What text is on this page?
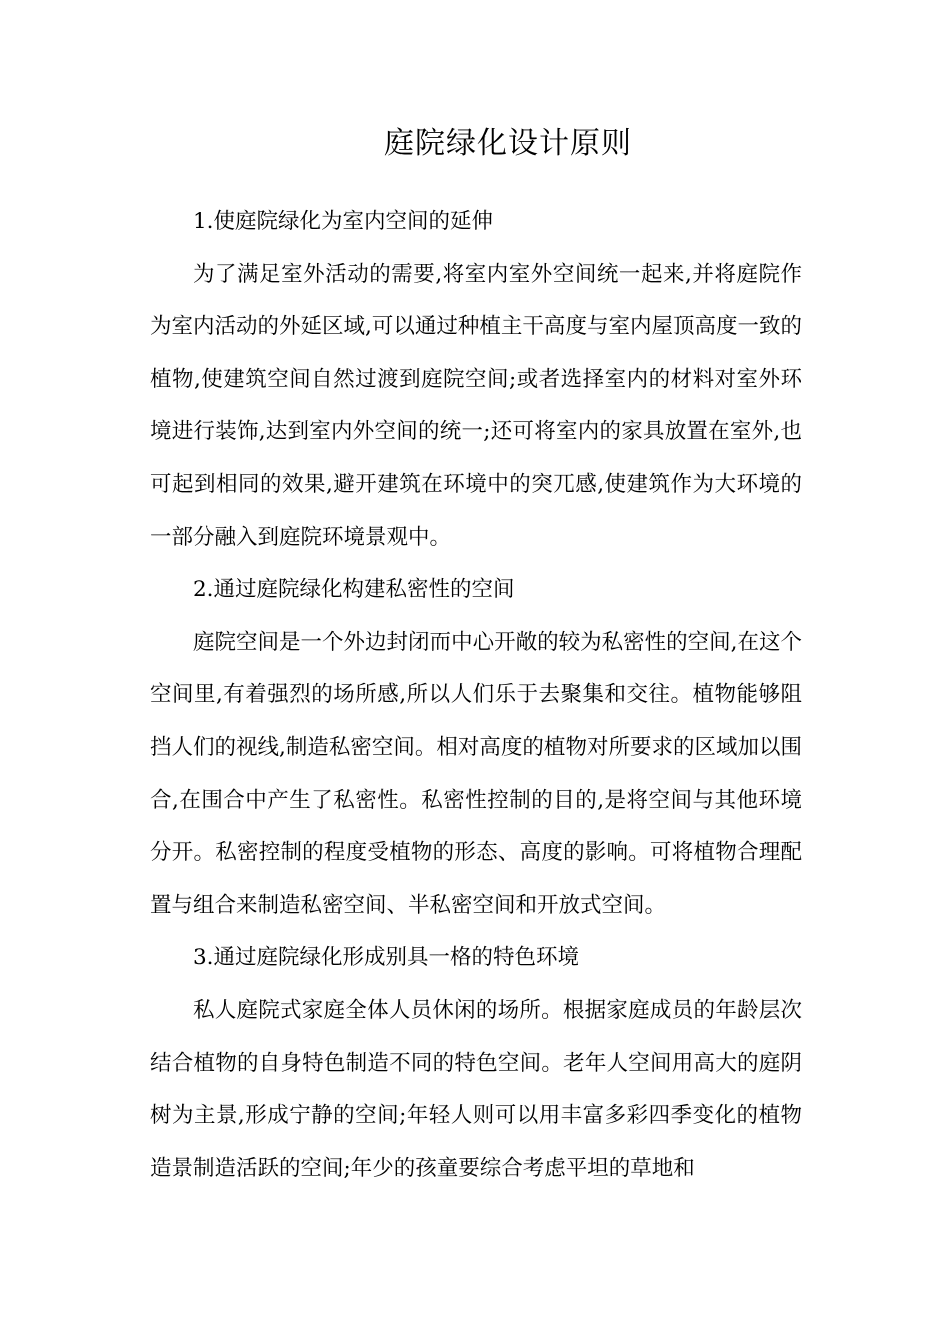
庭院绿化设计原则

1.使庭院绿化为室内空间的延伸

为了满足室外活动的需要,将室内室外空间统一起来,并将庭院作为室内活动的外延区域,可以通过种植主干高度与室内屋顶高度一致的植物,使建筑空间自然过渡到庭院空间;或者选择室内的材料对室外环境进行装饰,达到室内外空间的统一;还可将室内的家具放置在室外,也可起到相同的效果,避开建筑在环境中的突兀感,使建筑作为大环境的一部分融入到庭院环境景观中。

2.通过庭院绿化构建私密性的空间

庭院空间是一个外边封闭而中心开敞的较为私密性的空间,在这个空间里,有着强烈的场所感,所以人们乐于去聚集和交往。植物能够阻挡人们的视线,制造私密空间。相对高度的植物对所要求的区域加以围合,在围合中产生了私密性。私密性控制的目的,是将空间与其他环境分开。私密控制的程度受植物的形态、高度的影响。可将植物合理配置与组合来制造私密空间、半私密空间和开放式空间。

3.通过庭院绿化形成别具一格的特色环境

私人庭院式家庭全体人员休闲的场所。根据家庭成员的年龄层次结合植物的自身特色制造不同的特色空间。老年人空间用高大的庭阴树为主景,形成宁静的空间;年轻人则可以用丰富多彩四季变化的植物造景制造活跃的空间;年少的孩童要综合考虑平坦的草地和
